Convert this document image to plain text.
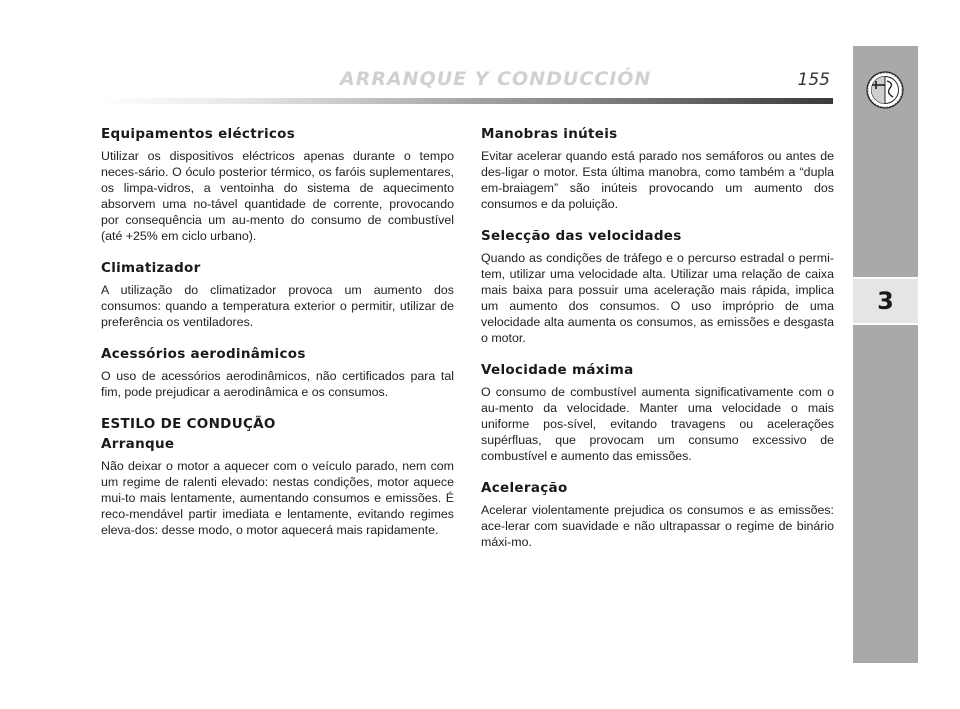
ARRANQUE Y CONDUCCIÓN	155
3
Equipamentos eléctricos

Utilizar os dispositivos eléctricos apenas durante o tempo neces-sário. O óculo posterior térmico, os faróis suplementares, os limpa-vidros, a ventoinha do sistema de aquecimento absorvem uma no-tável quantidade de corrente, provocando por consequência um au-mento do consumo de combustível (até +25% em ciclo urbano).

Climatizador

A utilização do climatizador provoca um aumento dos consumos: quando a temperatura exterior o permitir, utilizar de preferência os ventiladores.

Acessórios aerodinâmicos

O uso de acessórios aerodinâmicos, não certificados para tal fim, pode prejudicar a aerodinâmica e os consumos.

ESTILO DE CONDUÇÃO
Arranque

Não deixar o motor a aquecer com o veículo parado, nem com um regime de ralenti elevado: nestas condições, motor aquece mui-to mais lentamente, aumentando consumos e emissões. É reco-mendável partir imediata e lentamente, evitando regimes eleva-dos: desse modo, o motor aquecerá mais rapidamente.

Manobras inúteis

Evitar acelerar quando está parado nos semáforos ou antes de des-ligar o motor. Esta última manobra, como também a “dupla em-braiagem” são inúteis provocando um aumento dos consumos e da poluição.

Selecção das velocidades

Quando as condições de tráfego e o percurso estradal o permi-tem, utilizar uma velocidade alta. Utilizar uma relação de caixa mais baixa para possuir uma aceleração mais rápida, implica um aumento dos consumos. O uso impróprio de uma velocidade alta aumenta os consumos, as emissões e desgasta o motor.

Velocidade máxima

O consumo de combustível aumenta significativamente com o au-mento da velocidade. Manter uma velocidade o mais uniforme pos-sível, evitando travagens ou acelerações supérfluas, que provocam um consumo excessivo de combustível e aumento das emissões.

Aceleração

Acelerar violentamente prejudica os consumos e as emissões: ace-lerar com suavidade e não ultrapassar o regime de binário máxi-mo.
